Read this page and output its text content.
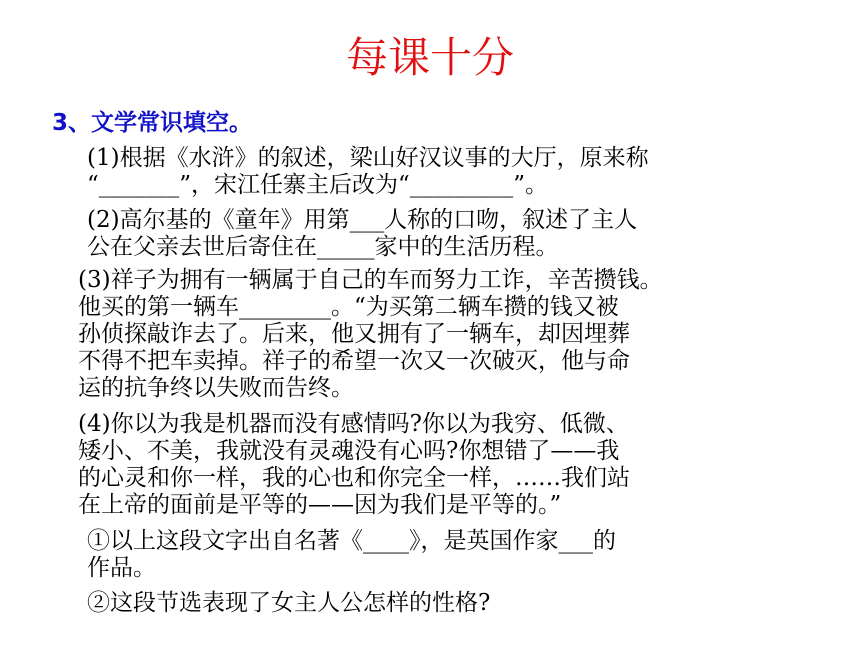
每课十分
3、文学常识填空。
(1)根据《水浒》的叙述，梁山好汉议事的大厅，原来称
“_______”，宋江任寨主后改为“_________”。
(2)高尔基的《童年》用第___人称的口吻，叙述了主人
公在父亲去世后寄住在_____家中的生活历程。
(3)祥子为拥有一辆属于自己的车而努力工诈，辛苦攒钱。
他买的第一辆车________。“为买第二辆车攒的钱又被
孙侦探敲诈去了。后来，他又拥有了一辆车，却因埋葬
不得不把车卖掉。祥子的希望一次又一次破灭，他与命
运的抗争终以失败而告终。
(4)你以为我是机器而没有感情吗?你以为我穷、低微、
矮小、不美，我就没有灵魂没有心吗?你想错了——我
的心灵和你一样，我的心也和你完全一样，……我们站
在上帝的面前是平等的——因为我们是平等的。”
①以上这段文字出自名著《____》，是英国作家___的
作品。
②这段节选表现了女主人公怎样的性格?
